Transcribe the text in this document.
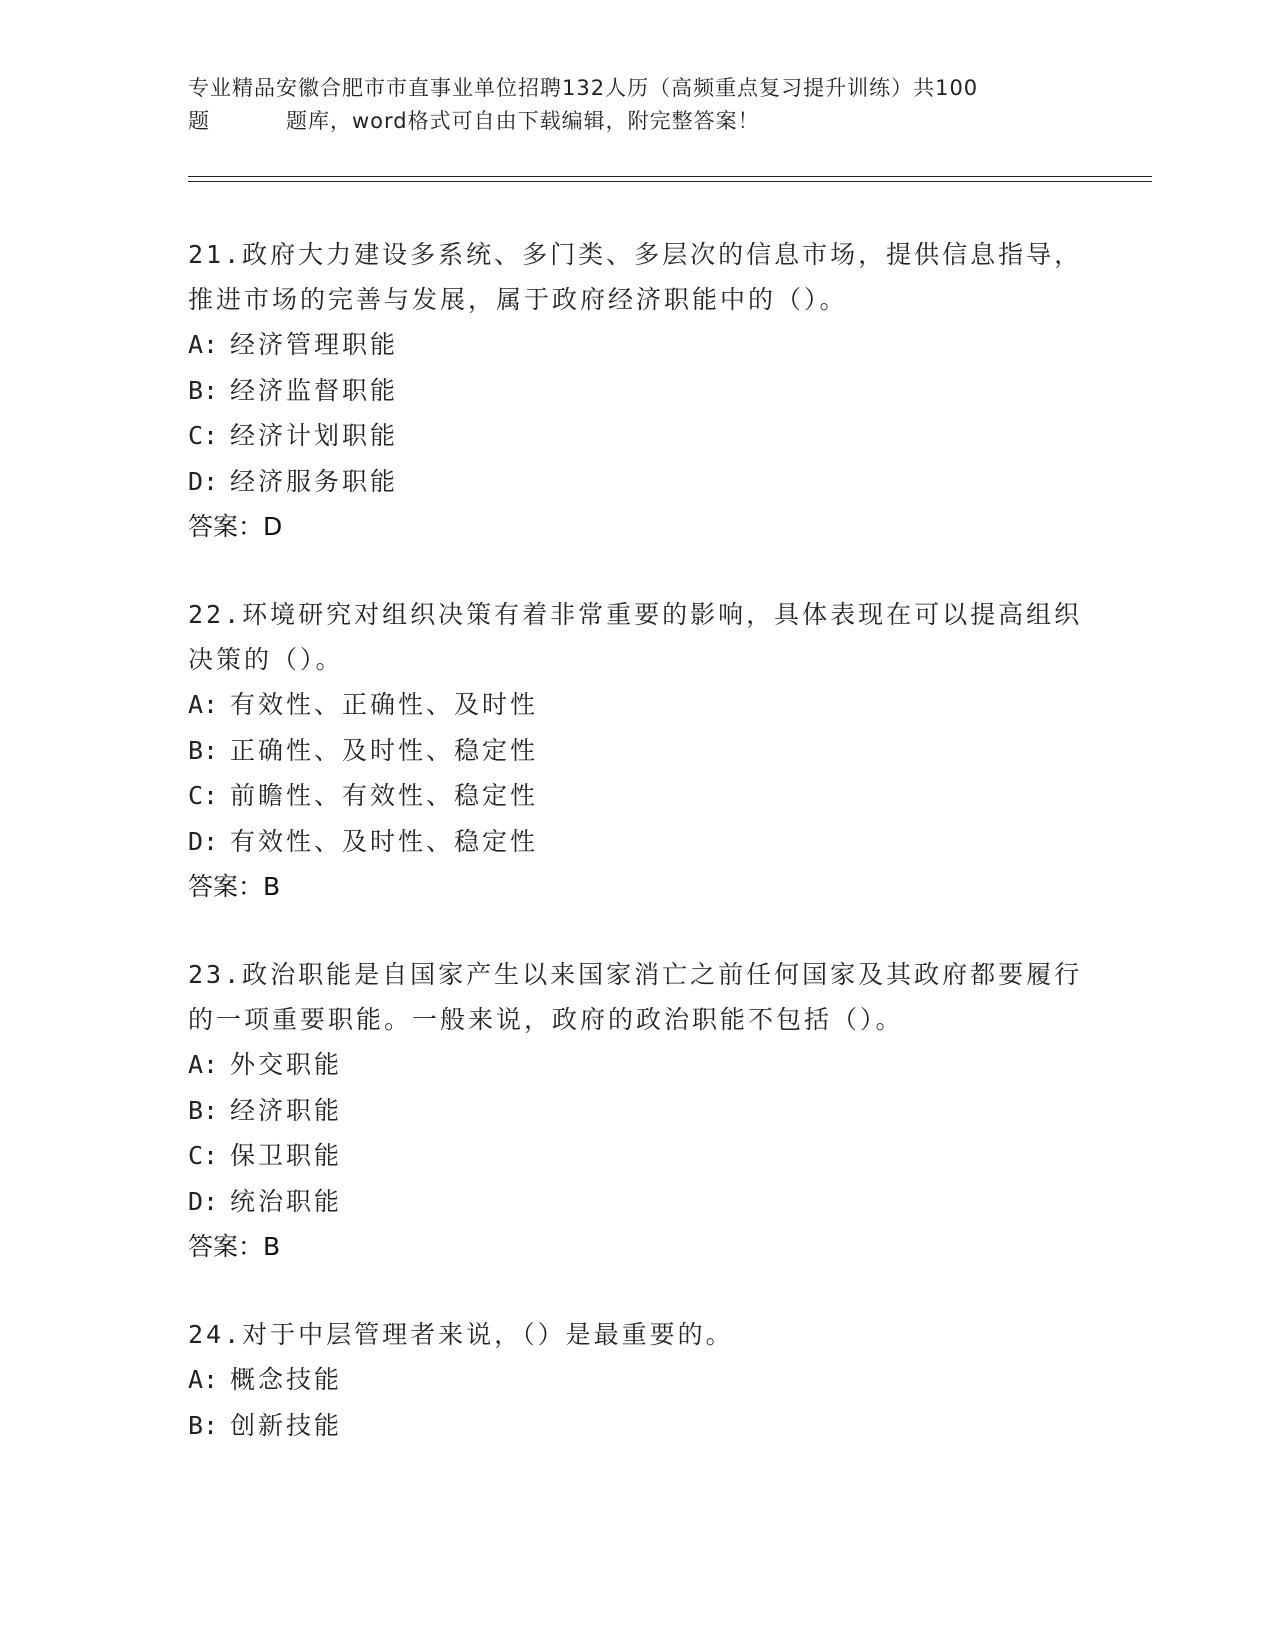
专业精品安徽合肥市市直事业单位招聘132人历（高频重点复习提升训练）共100
题	题库，word格式可自由下载编辑，附完整答案！
21.政府大力建设多系统、多门类、多层次的信息市场，提供信息指导，推进市场的完善与发展，属于政府经济职能中的（）。
A: 经济管理职能
B: 经济监督职能
C: 经济计划职能
D: 经济服务职能
答案：D
22.环境研究对组织决策有着非常重要的影响，具体表现在可以提高组织决策的（）。
A: 有效性、正确性、及时性
B: 正确性、及时性、稳定性
C: 前瞻性、有效性、稳定性
D: 有效性、及时性、稳定性
答案：B
23.政治职能是自国家产生以来国家消亡之前任何国家及其政府都要履行的一项重要职能。一般来说，政府的政治职能不包括（）。
A: 外交职能
B: 经济职能
C: 保卫职能
D: 统治职能
答案：B
24.对于中层管理者来说，（）是最重要的。
A: 概念技能
B: 创新技能
